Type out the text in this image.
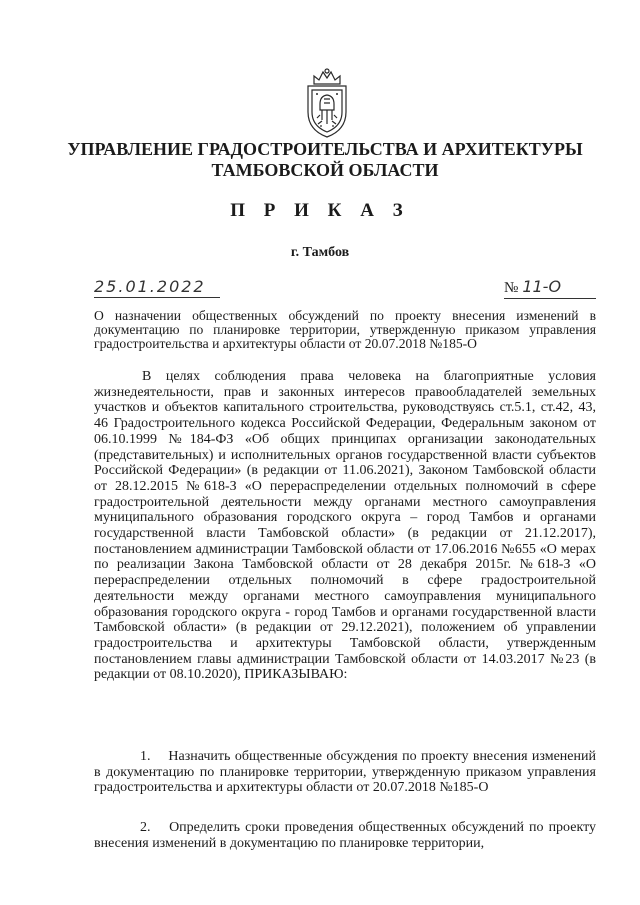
УПРАВЛЕНИЕ ГРАДОСТРОИТЕЛЬСТВА И АРХИТЕКТУРЫ
ТАМБОВСКОЙ ОБЛАСТИ
П Р И К А З
г. Тамбов
25.01.2022	№ 11-О
О назначении общественных обсуждений по проекту внесения изменений в документацию по планировке территории, утвержденную приказом управления градостроительства и архитектуры области от 20.07.2018 №185-О
В целях соблюдения права человека на благоприятные условия жизнедеятельности, прав и законных интересов правообладателей земельных участков и объектов капитального строительства, руководствуясь ст.5.1, ст.42, 43, 46 Градостроительного кодекса Российской Федерации, Федеральным законом от 06.10.1999 №184-ФЗ «Об общих принципах организации законодательных (представительных) и исполнительных органов государственной власти субъектов Российской Федерации» (в редакции от 11.06.2021), Законом Тамбовской области от 28.12.2015 №618-З «О перераспределении отдельных полномочий в сфере градостроительной деятельности между органами местного самоуправления муниципального образования городского округа – город Тамбов и органами государственной власти Тамбовской области» (в редакции от 21.12.2017), постановлением администрации Тамбовской области от 17.06.2016 №655 «О мерах по реализации Закона Тамбовской области от 28 декабря 2015г. №618-З «О перераспределении отдельных полномочий в сфере градостроительной деятельности между органами местного самоуправления муниципального образования городского округа - город Тамбов и органами государственной власти Тамбовской области» (в редакции от 29.12.2021), положением об управлении градостроительства и архитектуры Тамбовской области, утвержденным постановлением главы администрации Тамбовской области от 14.03.2017 №23 (в редакции от 08.10.2020), ПРИКАЗЫВАЮ:
1. Назначить общественные обсуждения по проекту внесения изменений в документацию по планировке территории, утвержденную приказом управления градостроительства и архитектуры области от 20.07.2018 №185-О
2. Определить сроки проведения общественных обсуждений по проекту внесения изменений в документацию по планировке территории,
